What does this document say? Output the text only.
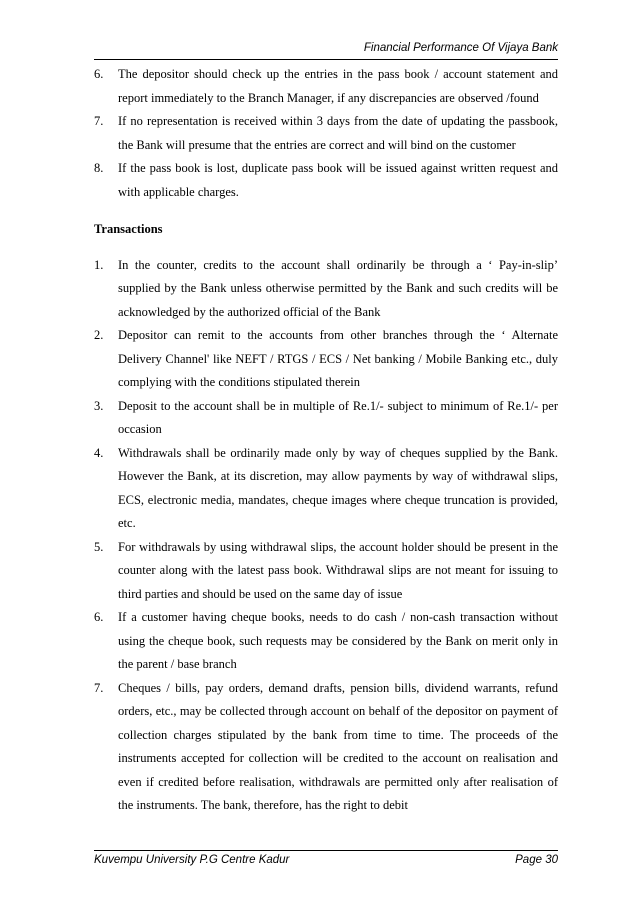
Financial Performance Of Vijaya Bank
6.	The depositor should check up the entries in the pass book / account statement and report immediately to the Branch Manager, if any discrepancies are observed /found
7.	If no representation is received within 3 days from the date of updating the passbook, the Bank will presume that the entries are correct and will bind on the customer
8.	If the pass book is lost, duplicate pass book will be issued against written request and with applicable charges.
Transactions
1.	In the counter, credits to the account shall ordinarily be through a ‘ Pay-in-slip’ supplied by the Bank unless otherwise permitted by the Bank and such credits will be acknowledged by the authorized official of the Bank
2.	Depositor can remit to the accounts from other branches through the ‘ Alternate Delivery Channel' like NEFT / RTGS / ECS / Net banking / Mobile Banking etc., duly complying with the conditions stipulated therein
3.	Deposit to the account shall be in multiple of Re.1/- subject to minimum of Re.1/- per occasion
4.	Withdrawals shall be ordinarily made only by way of cheques supplied by the Bank. However the Bank, at its discretion, may allow payments by way of withdrawal slips, ECS, electronic media, mandates, cheque images where cheque truncation is provided, etc.
5.	For withdrawals by using withdrawal slips, the account holder should be present in the counter along with the latest pass book. Withdrawal slips are not meant for issuing to third parties and should be used on the same day of issue
6.	If a customer having cheque books, needs to do cash / non-cash transaction without using the cheque book, such requests may be considered by the Bank on merit only in the parent / base branch
7.	Cheques / bills, pay orders, demand drafts, pension bills, dividend warrants, refund orders, etc., may be collected through account on behalf of the depositor on payment of collection charges stipulated by the bank from time to time. The proceeds of the instruments accepted for collection will be credited to the account on realisation and even if credited before realisation, withdrawals are permitted only after realisation of the instruments. The bank, therefore, has the right to debit
Kuvempu University P.G Centre Kadur	Page 30
